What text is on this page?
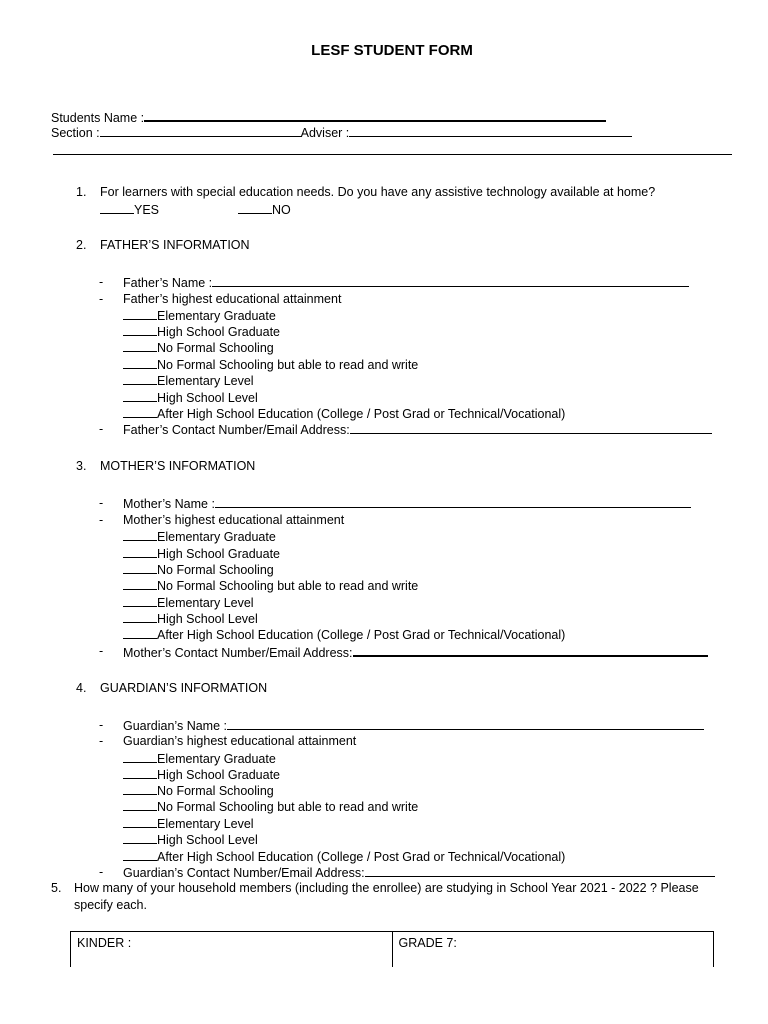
LESF STUDENT FORM
Students Name :
Section :	Adviser :
1. For learners with special education needs. Do you have any assistive technology available at home?
YES	NO
2. FATHER’S INFORMATION
- Father’s Name :
- Father’s highest educational attainment
Elementary Graduate
High School Graduate
No Formal Schooling
No Formal Schooling but able to read and write
Elementary Level
High School Level
After High School Education (College / Post Grad or Technical/Vocational)
- Father’s Contact Number/Email Address:
3. MOTHER’S INFORMATION
- Mother’s Name :
- Mother’s highest educational attainment
Elementary Graduate
High School Graduate
No Formal Schooling
No Formal Schooling but able to read and write
Elementary Level
High School Level
After High School Education (College / Post Grad or Technical/Vocational)
- Mother’s Contact Number/Email Address:
4. GUARDIAN’S INFORMATION
- Guardian’s Name :
- Guardian’s highest educational attainment
Elementary Graduate
High School Graduate
No Formal Schooling
No Formal Schooling but able to read and write
Elementary Level
High School Level
After High School Education (College / Post Grad or Technical/Vocational)
- Guardian’s Contact Number/Email Address:
5. How many of your household members (including the enrollee) are studying in School Year 2021 - 2022 ? Please
specify each.
KINDER :	GRADE 7:
